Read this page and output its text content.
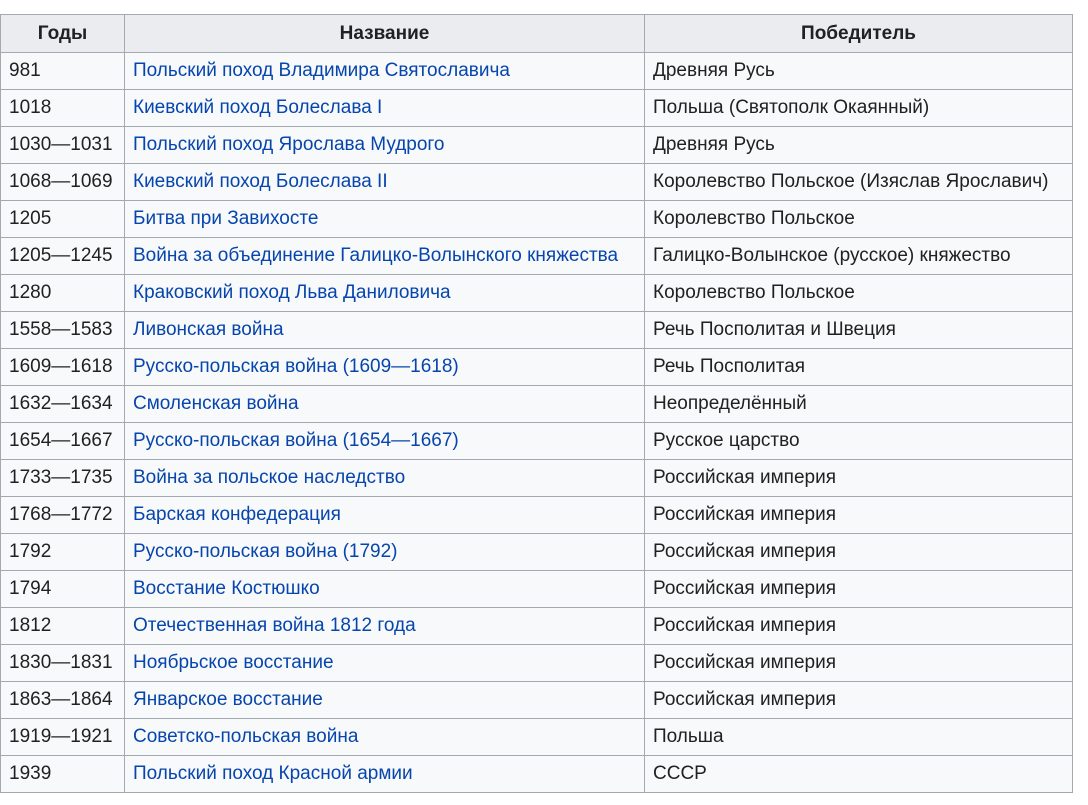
Годы	Название	Победитель
981	Польский поход Владимира Святославича	Древняя Русь
1018	Киевский поход Болеслава I	Польша (Святополк Окаянный)
1030—1031	Польский поход Ярослава Мудрого	Древняя Русь
1068—1069	Киевский поход Болеслава II	Королевство Польское (Изяслав Ярославич)
1205	Битва при Завихосте	Королевство Польское
1205—1245	Война за объединение Галицко-Волынского княжества	Галицко-Волынское (русское) княжество
1280	Краковский поход Льва Даниловича	Королевство Польское
1558—1583	Ливонская война	Речь Посполитая и Швеция
1609—1618	Русско-польская война (1609—1618)	Речь Посполитая
1632—1634	Смоленская война	Неопределённый
1654—1667	Русско-польская война (1654—1667)	Русское царство
1733—1735	Война за польское наследство	Российская империя
1768—1772	Барская конфедерация	Российская империя
1792	Русско-польская война (1792)	Российская империя
1794	Восстание Костюшко	Российская империя
1812	Отечественная война 1812 года	Российская империя
1830—1831	Ноябрьское восстание	Российская империя
1863—1864	Январское восстание	Российская империя
1919—1921	Советско-польская война	Польша
1939	Польский поход Красной армии	СССР
